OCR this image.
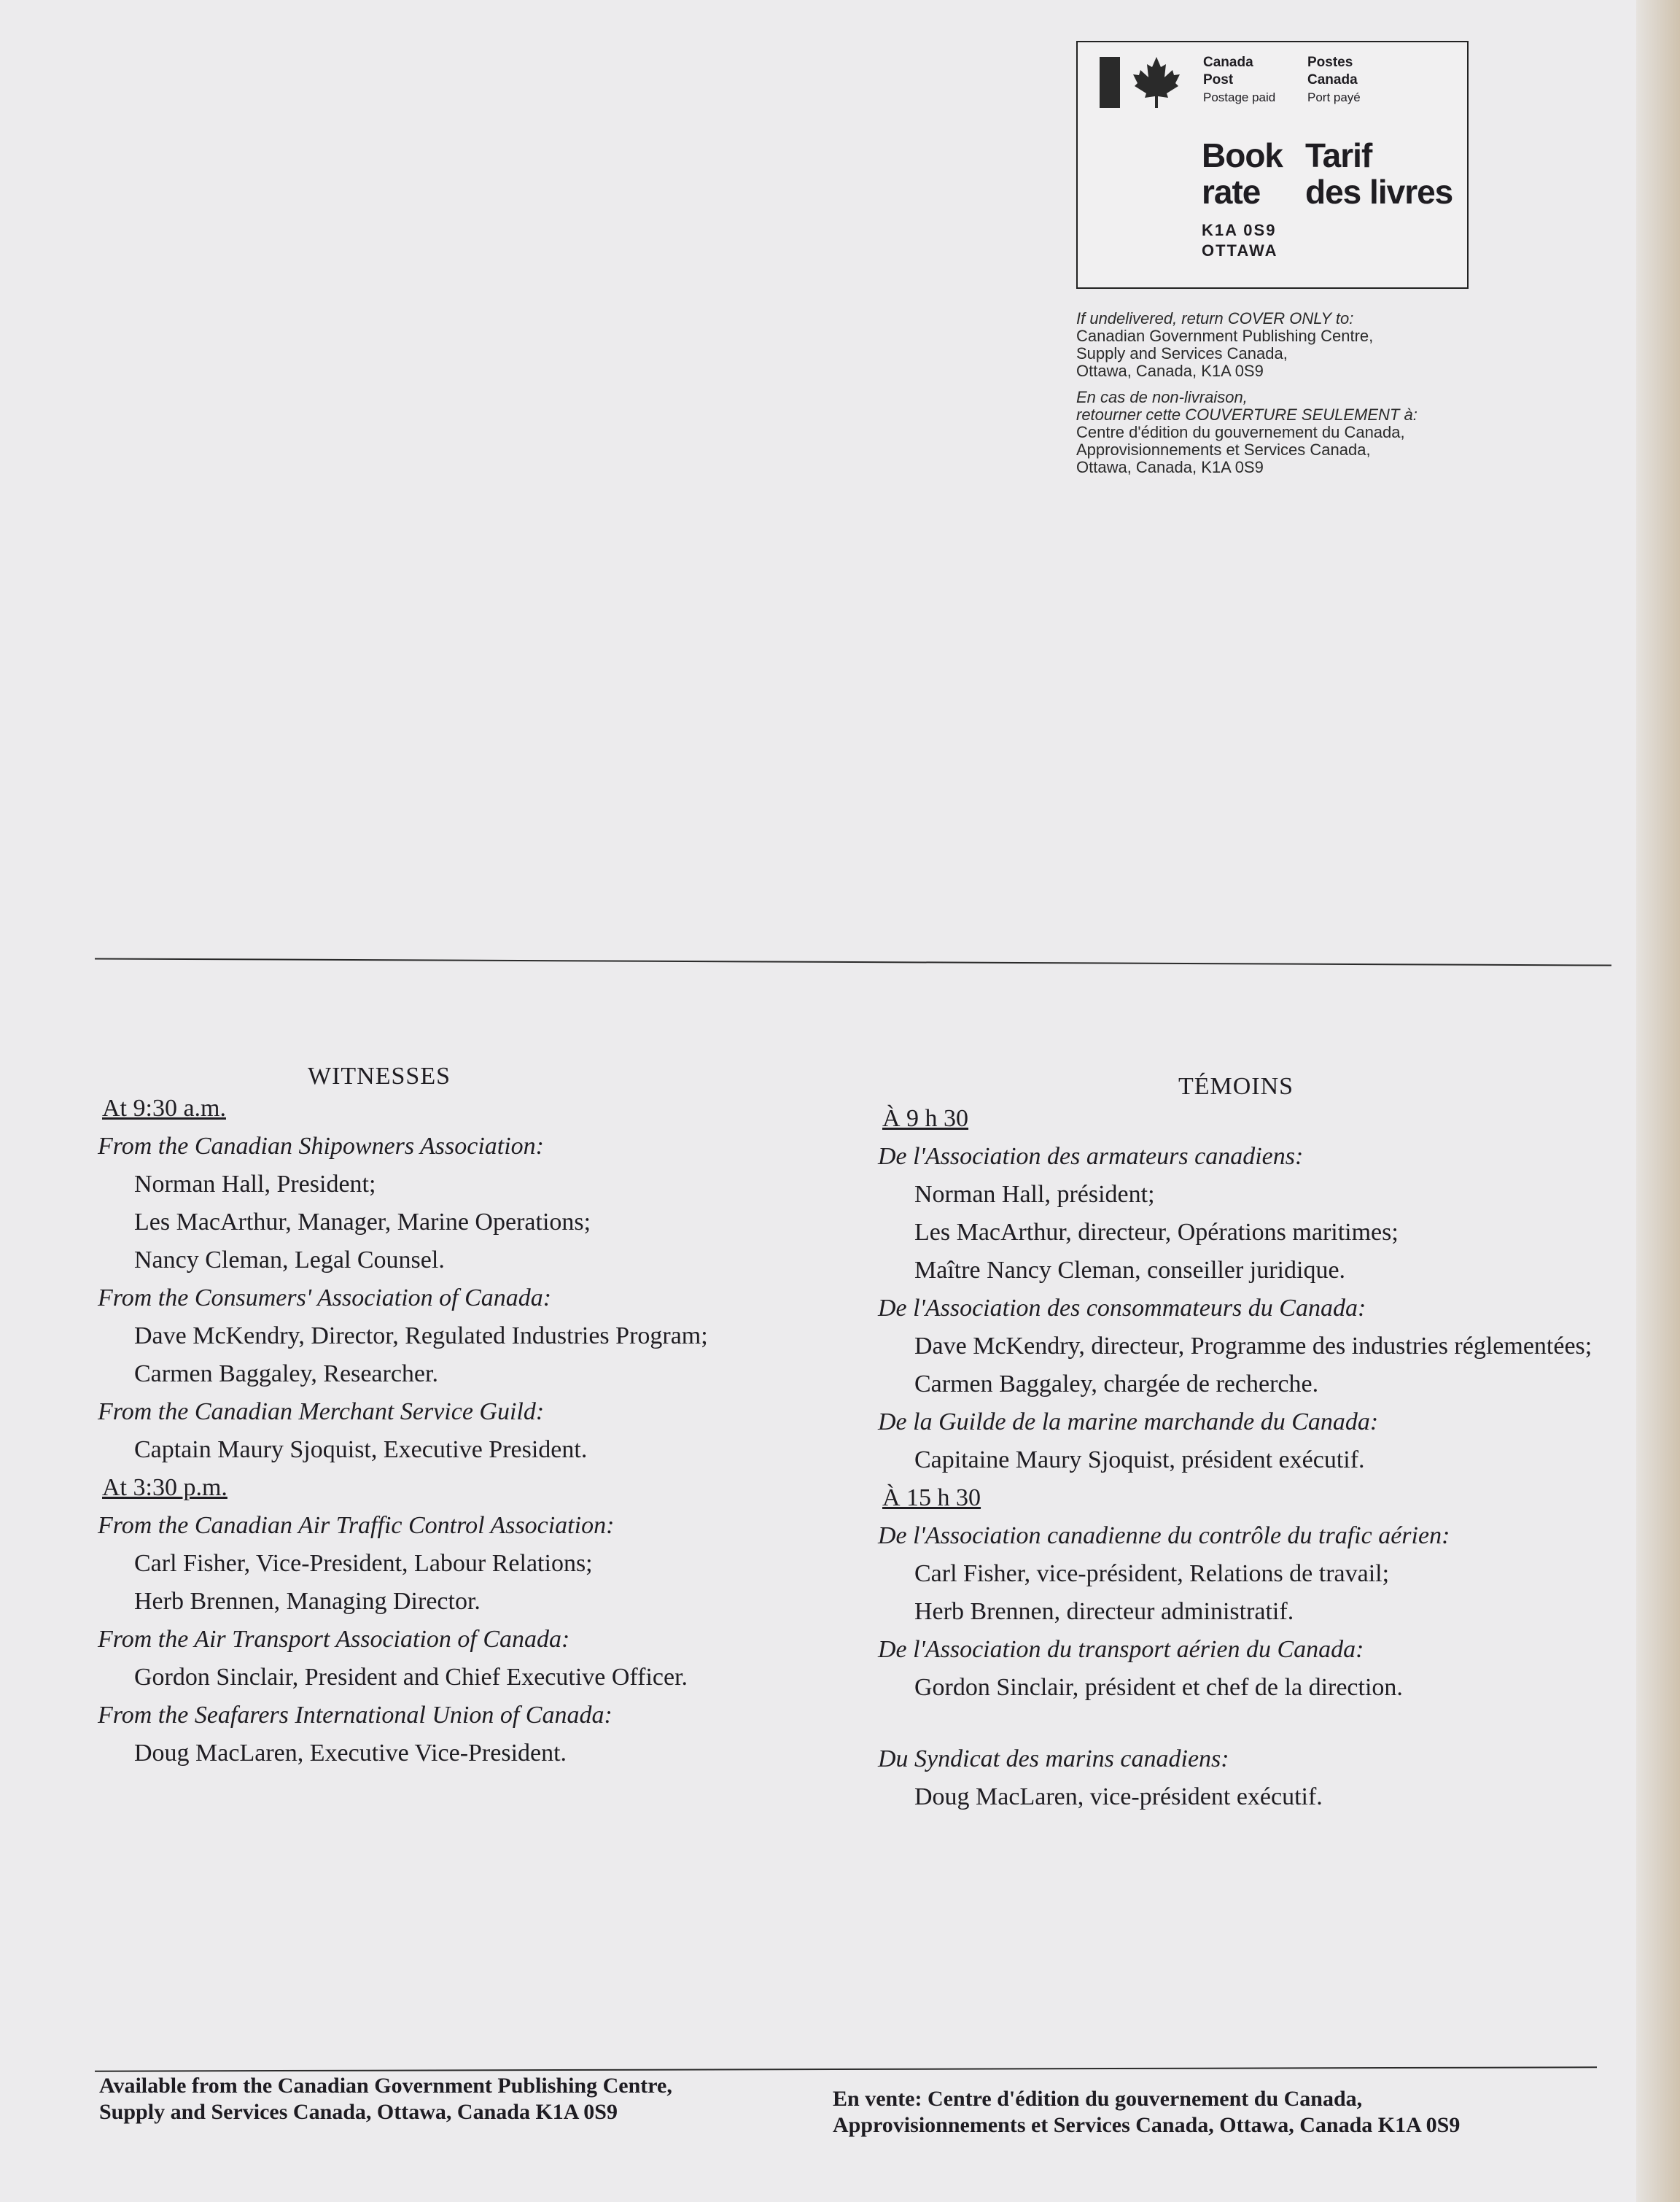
Canada
Post
Postage paid
Postes
Canada
Port payé
Book
rate
Tarif
des livres
K1A 0S9
OTTAWA
If undelivered, return COVER ONLY to:
Canadian Government Publishing Centre,
Supply and Services Canada,
Ottawa, Canada, K1A 0S9
En cas de non-livraison,
retourner cette COUVERTURE SEULEMENT à:
Centre d'édition du gouvernement du Canada,
Approvisionnements et Services Canada,
Ottawa, Canada, K1A 0S9
WITNESSES
At 9:30 a.m.
From the Canadian Shipowners Association:
Norman Hall, President;
Les MacArthur, Manager, Marine Operations;
Nancy Cleman, Legal Counsel.
From the Consumers' Association of Canada:
Dave McKendry, Director, Regulated Industries Program;
Carmen Baggaley, Researcher.
From the Canadian Merchant Service Guild:
Captain Maury Sjoquist, Executive President.
At 3:30 p.m.
From the Canadian Air Traffic Control Association:
Carl Fisher, Vice-President, Labour Relations;
Herb Brennen, Managing Director.
From the Air Transport Association of Canada:
Gordon Sinclair, President and Chief Executive Officer.
From the Seafarers International Union of Canada:
Doug MacLaren, Executive Vice-President.
TÉMOINS
À 9 h 30
De l'Association des armateurs canadiens:
Norman Hall, président;
Les MacArthur, directeur, Opérations maritimes;
Maître Nancy Cleman, conseiller juridique.
De l'Association des consommateurs du Canada:
Dave McKendry, directeur, Programme des industries réglementées;
Carmen Baggaley, chargée de recherche.
De la Guilde de la marine marchande du Canada:
Capitaine Maury Sjoquist, président exécutif.
À 15 h 30
De l'Association canadienne du contrôle du trafic aérien:
Carl Fisher, vice-président, Relations de travail;
Herb Brennen, directeur administratif.
De l'Association du transport aérien du Canada:
Gordon Sinclair, président et chef de la direction.
Du Syndicat des marins canadiens:
Doug MacLaren, vice-président exécutif.
Available from the Canadian Government Publishing Centre,
Supply and Services Canada, Ottawa, Canada K1A 0S9
En vente: Centre d'édition du gouvernement du Canada,
Approvisionnements et Services Canada, Ottawa, Canada K1A 0S9
